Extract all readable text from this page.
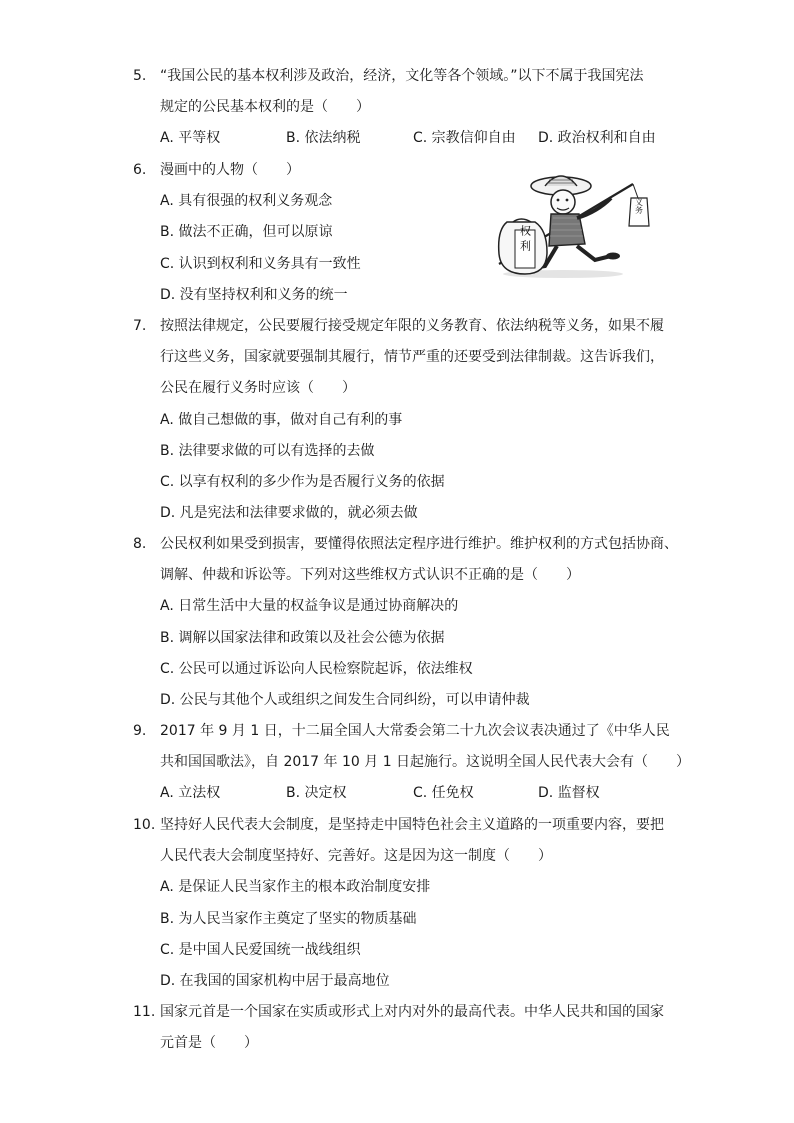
5. “我国公民的基本权利涉及政治，经济，文化等各个领域。”以下不属于我国宪法
规定的公民基本权利的是（　　）
A. 平等权	B. 依法纳税	C. 宗教信仰自由 D. 政治权利和自由
6. 漫画中的人物（　　）
A. 具有很强的权利义务观念
B. 做法不正确，但可以原谅
C. 认识到权利和义务具有一致性
D. 没有坚持权利和义务的统一
权利
义务
7. 按照法律规定，公民要履行接受规定年限的义务教育、依法纳税等义务，如果不履
行这些义务，国家就要强制其履行，情节严重的还要受到法律制裁。这告诉我们，
公民在履行义务时应该（　　）
A. 做自己想做的事，做对自己有利的事
B. 法律要求做的可以有选择的去做
C. 以享有权利的多少作为是否履行义务的依据
D. 凡是宪法和法律要求做的，就必须去做
8. 公民权利如果受到损害，要懂得依照法定程序进行维护。维护权利的方式包括协商、
调解、仲裁和诉讼等。下列对这些维权方式认识不正确的是（　　）
A. 日常生活中大量的权益争议是通过协商解决的
B. 调解以国家法律和政策以及社会公德为依据
C. 公民可以通过诉讼向人民检察院起诉，依法维权
D. 公民与其他个人或组织之间发生合同纠纷，可以申请仲裁
9. 2017 年 9 月 1 日，十二届全国人大常委会第二十九次会议表决通过了《中华人民
共和国国歌法》，自 2017 年 10 月 1 日起施行。这说明全国人民代表大会有（　　）
A. 立法权	B. 决定权	C. 任免权	D. 监督权
10. 坚持好人民代表大会制度，是坚持走中国特色社会主义道路的一项重要内容，要把
人民代表大会制度坚持好、完善好。这是因为这一制度（　　）
A. 是保证人民当家作主的根本政治制度安排
B. 为人民当家作主奠定了坚实的物质基础
C. 是中国人民爱国统一战线组织
D. 在我国的国家机构中居于最高地位
11. 国家元首是一个国家在实质或形式上对内对外的最高代表。中华人民共和国的国家
元首是（　　）
